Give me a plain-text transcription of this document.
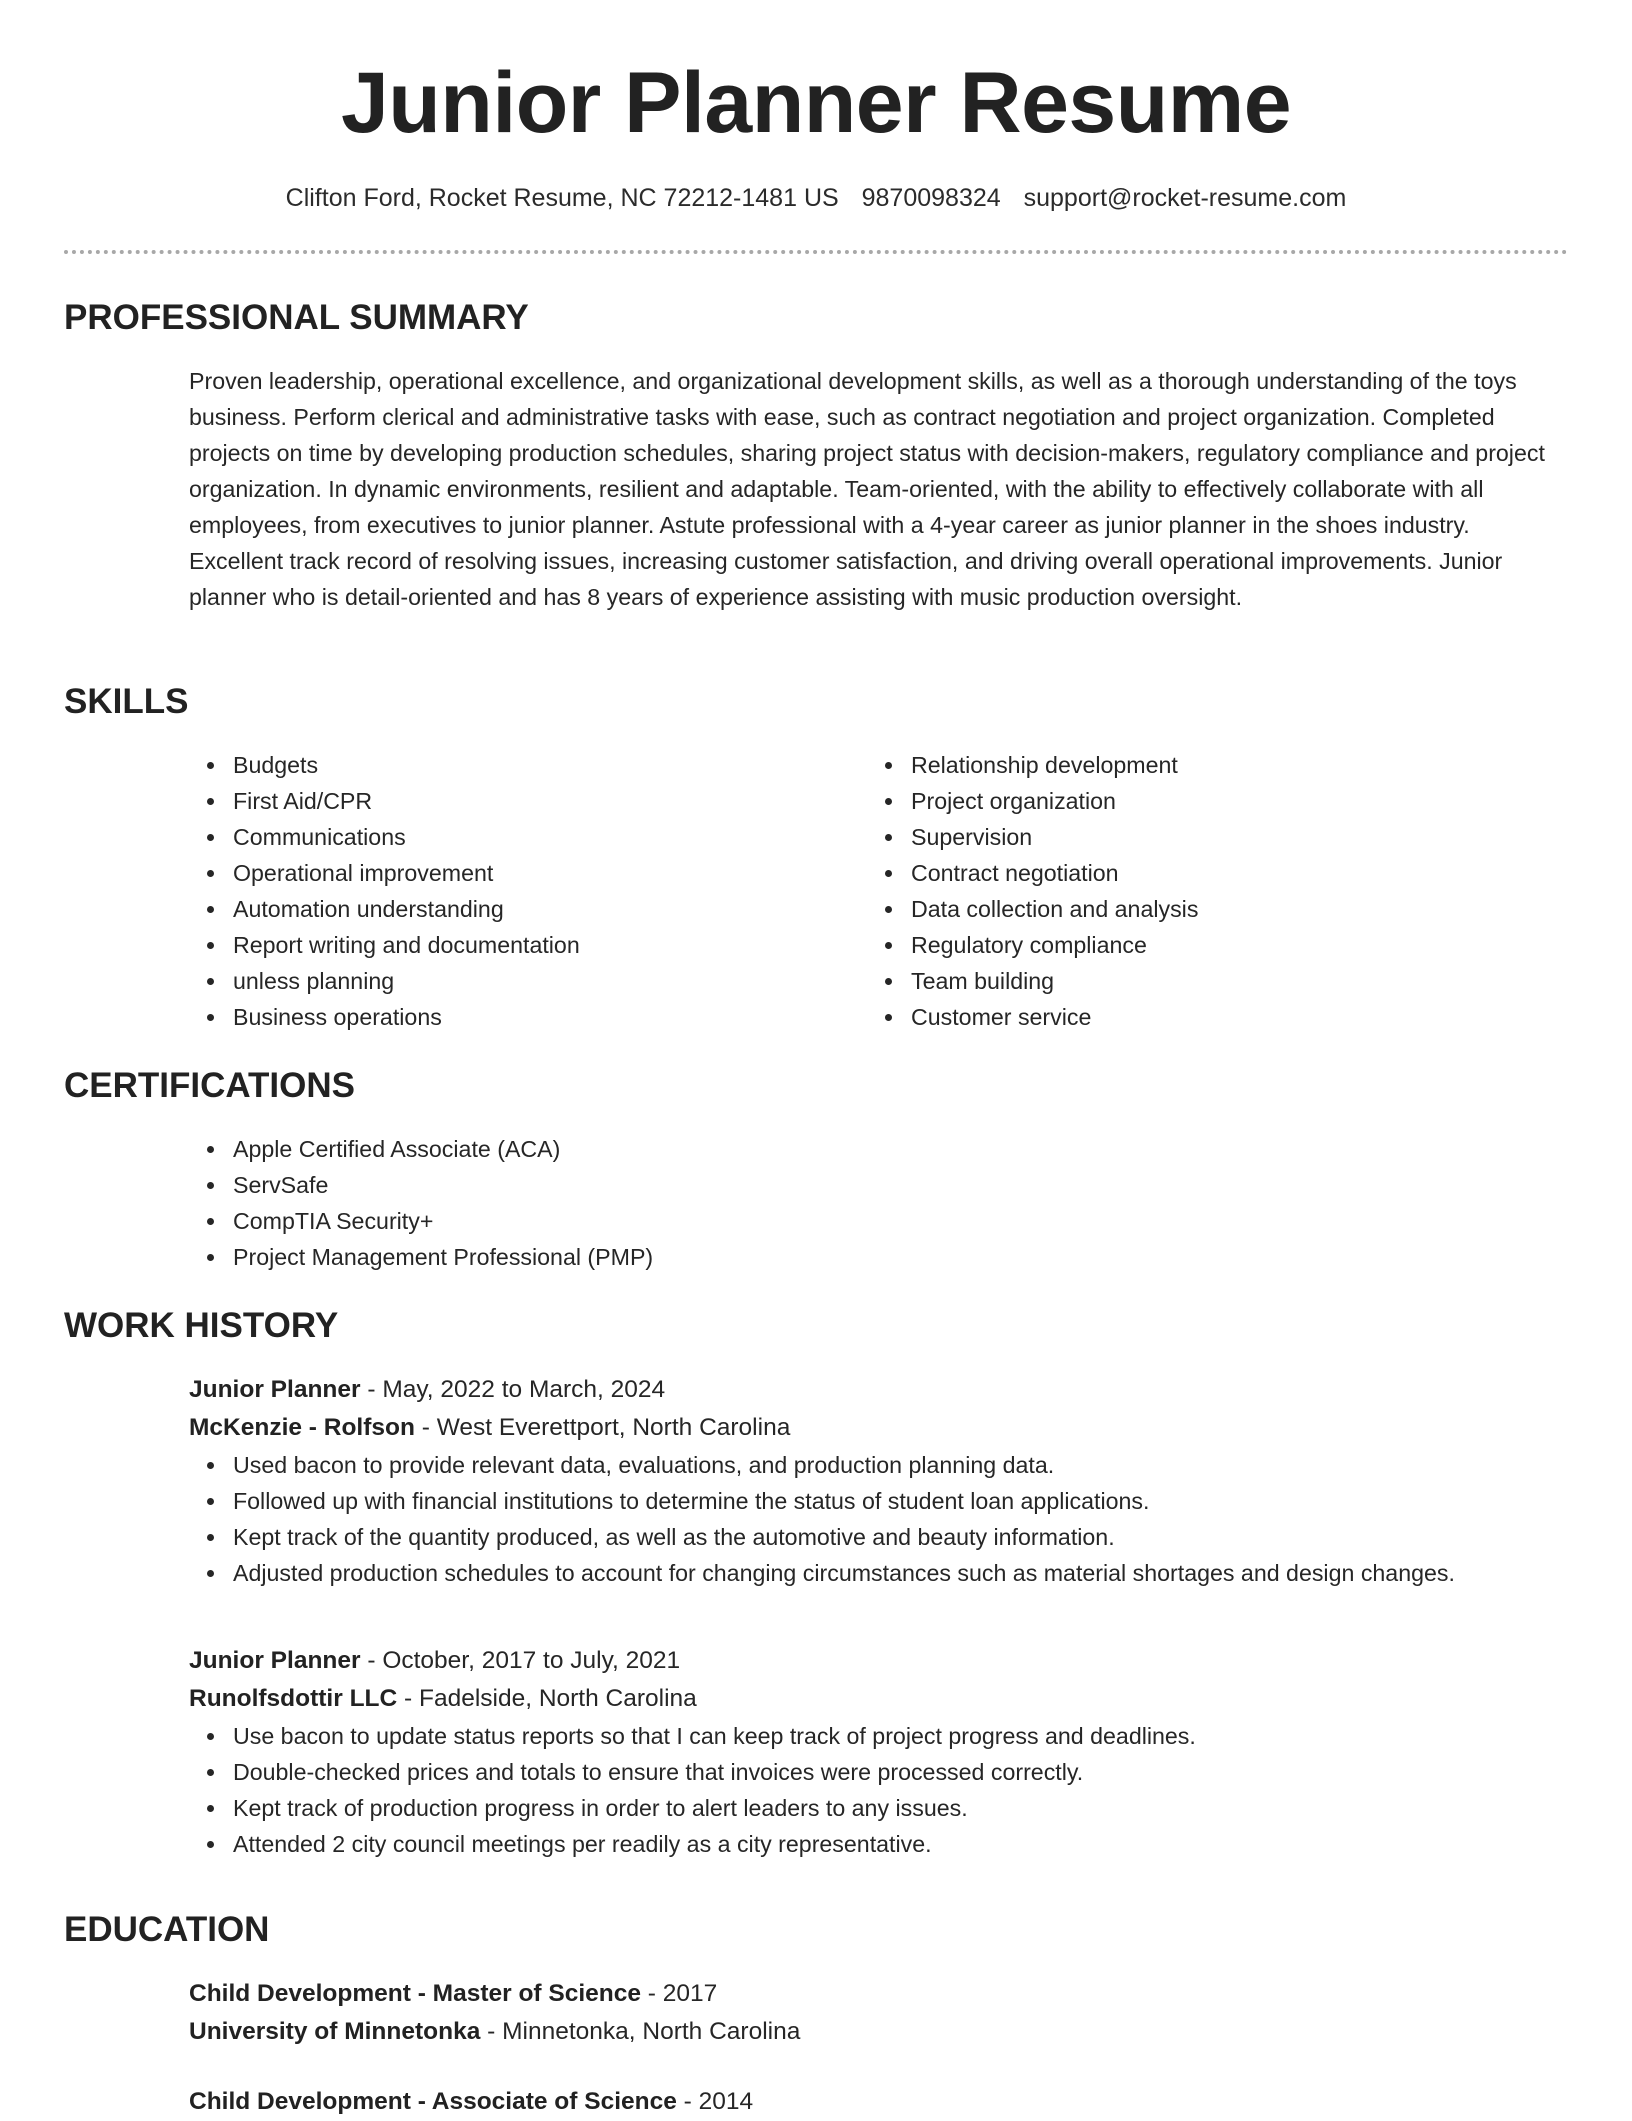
Junior Planner Resume
Clifton Ford, Rocket Resume, NC 72212-1481 US 9870098324 support@rocket-resume.com
PROFESSIONAL SUMMARY

Proven leadership, operational excellence, and organizational development skills, as well as a thorough understanding of the toys business. Perform clerical and administrative tasks with ease, such as contract negotiation and project organization. Completed projects on time by developing production schedules, sharing project status with decision-makers, regulatory compliance and project organization. In dynamic environments, resilient and adaptable. Team-oriented, with the ability to effectively collaborate with all employees, from executives to junior planner. Astute professional with a 4-year career as junior planner in the shoes industry. Excellent track record of resolving issues, increasing customer satisfaction, and driving overall operational improvements. Junior planner who is detail-oriented and has 8 years of experience assisting with music production oversight.

SKILLS
Budgets
First Aid/CPR
Communications
Operational improvement
Automation understanding
Report writing and documentation
unless planning
Business operations
Relationship development
Project organization
Supervision
Contract negotiation
Data collection and analysis
Regulatory compliance
Team building
Customer service
CERTIFICATIONS
Apple Certified Associate (ACA)
ServSafe
CompTIA Security+
Project Management Professional (PMP)
WORK HISTORY
Junior Planner - May, 2022 to March, 2024
McKenzie - Rolfson - West Everettport, North Carolina
Used bacon to provide relevant data, evaluations, and production planning data.
Followed up with financial institutions to determine the status of student loan applications.
Kept track of the quantity produced, as well as the automotive and beauty information.
Adjusted production schedules to account for changing circumstances such as material shortages and design changes.
Junior Planner - October, 2017 to July, 2021
Runolfsdottir LLC - Fadelside, North Carolina
Use bacon to update status reports so that I can keep track of project progress and deadlines.
Double-checked prices and totals to ensure that invoices were processed correctly.
Kept track of production progress in order to alert leaders to any issues.
Attended 2 city council meetings per readily as a city representative.
EDUCATION
Child Development - Master of Science - 2017
University of Minnetonka - Minnetonka, North Carolina
Child Development - Associate of Science - 2014
